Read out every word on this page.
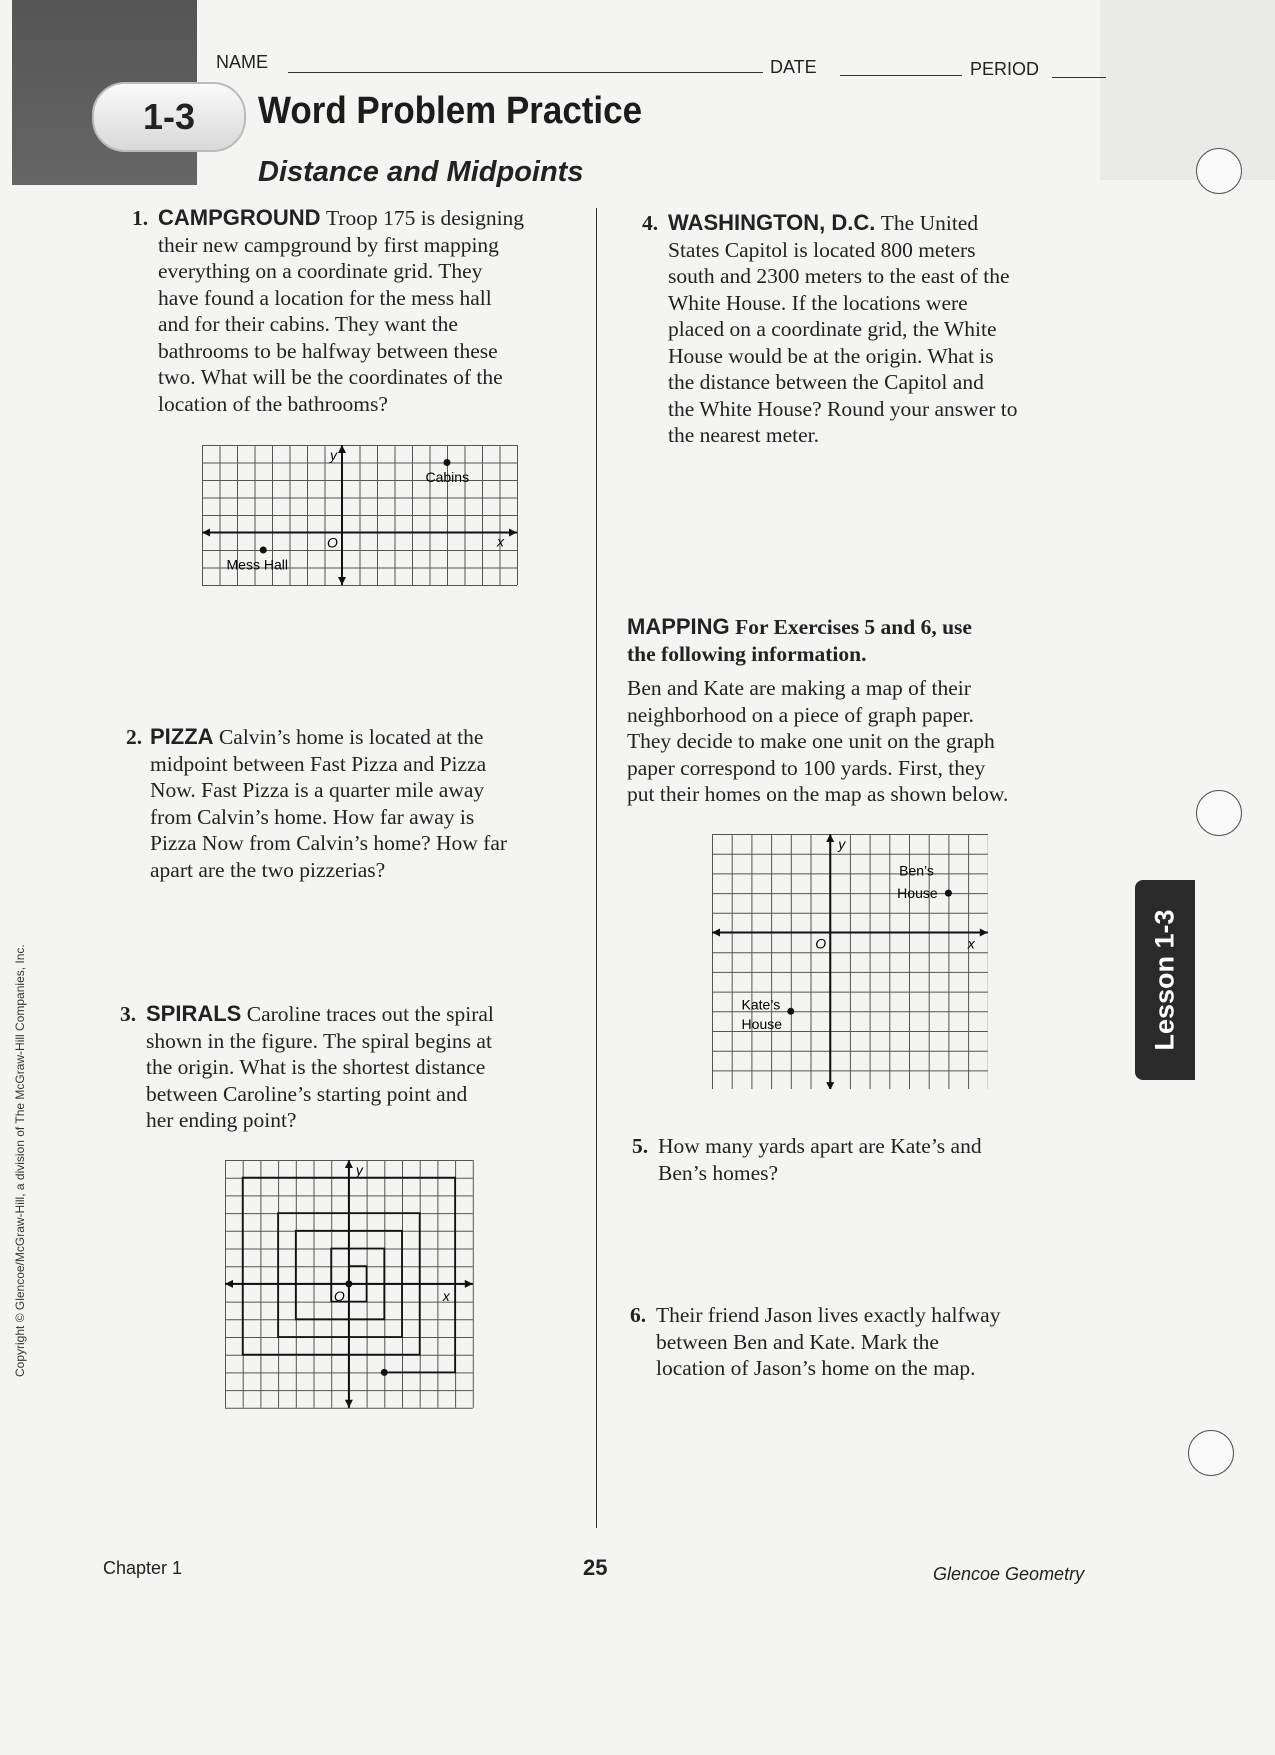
NAME	DATE	PERIOD
1-3 Word Problem Practice
Distance and Midpoints
1. CAMPGROUND Troop 175 is designing
their new campground by first mapping
everything on a coordinate grid. They
have found a location for the mess hall
and for their cabins. They want the
bathrooms to be halfway between these
two. What will be the coordinates of the
location of the bathrooms?
y
x
O
Cabins
Mess Hall
2. PIZZA Calvin’s home is located at the
midpoint between Fast Pizza and Pizza
Now. Fast Pizza is a quarter mile away
from Calvin’s home. How far away is
Pizza Now from Calvin’s home? How far
apart are the two pizzerias?
3. SPIRALS Caroline traces out the spiral
shown in the figure. The spiral begins at
the origin. What is the shortest distance
between Caroline’s starting point and
her ending point?
y
x
O
4. WASHINGTON, D.C. The United
States Capitol is located 800 meters
south and 2300 meters to the east of the
White House. If the locations were
placed on a coordinate grid, the White
House would be at the origin. What is
the distance between the Capitol and
the White House? Round your answer to
the nearest meter.
MAPPING For Exercises 5 and 6, use
the following information.
Ben and Kate are making a map of their
neighborhood on a piece of graph paper.
They decide to make one unit on the graph
paper correspond to 100 yards. First, they
put their homes on the map as shown below.
y
x
O
Ben’s
House
Kate’s
House
5. How many yards apart are Kate’s and
Ben’s homes?
6. Their friend Jason lives exactly halfway
between Ben and Kate. Mark the
location of Jason’s home on the map.
Lesson 1-3
Copyright © Glencoe/McGraw-Hill, a division of The McGraw-Hill Companies, Inc.
Chapter 1	25	Glencoe Geometry
